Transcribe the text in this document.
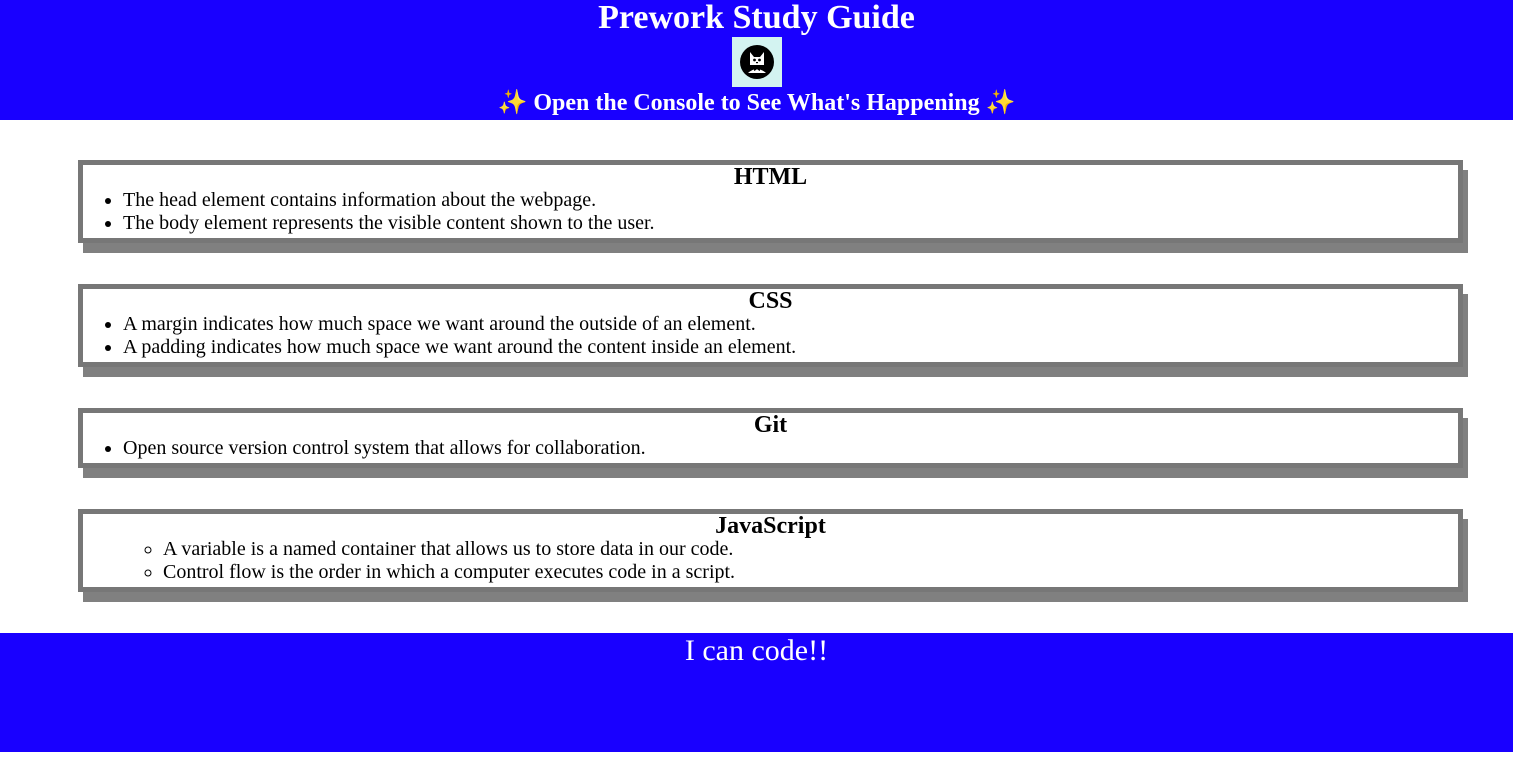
Prework Study Guide
✨ Open the Console to See What's Happening ✨
HTML
• The head element contains information about the webpage.
• The body element represents the visible content shown to the user.
CSS
• A margin indicates how much space we want around the outside of an element.
• A padding indicates how much space we want around the content inside an element.
Git
• Open source version control system that allows for collaboration.
JavaScript
◦ A variable is a named container that allows us to store data in our code.
◦ Control flow is the order in which a computer executes code in a script.
I can code!!
